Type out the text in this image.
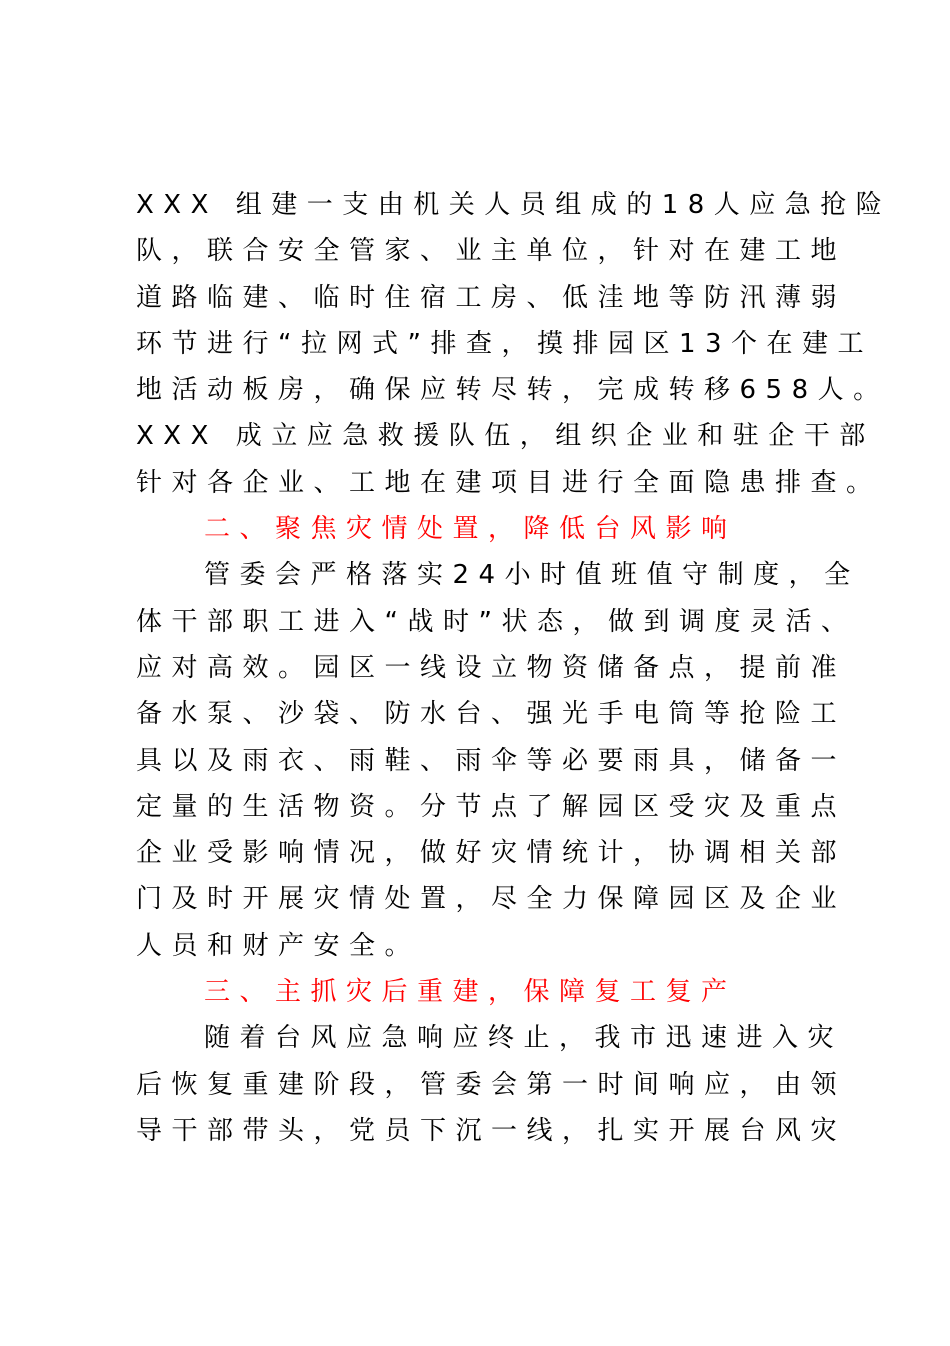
XXX 组建一支由机关人员组成的18人应急抢险
队，联合安全管家、业主单位，针对在建工地
道路临建、临时住宿工房、低洼地等防汛薄弱
环节进行“拉网式”排查，摸排园区13个在建工
地活动板房，确保应转尽转，完成转移658人。
XXX 成立应急救援队伍，组织企业和驻企干部
针对各企业、工地在建项目进行全面隐患排查。
二、聚焦灾情处置，降低台风影响
管委会严格落实24小时值班值守制度，全
体干部职工进入“战时”状态，做到调度灵活、
应对高效。园区一线设立物资储备点，提前准
备水泵、沙袋、防水台、强光手电筒等抢险工
具以及雨衣、雨鞋、雨伞等必要雨具，储备一
定量的生活物资。分节点了解园区受灾及重点
企业受影响情况，做好灾情统计，协调相关部
门及时开展灾情处置，尽全力保障园区及企业
人员和财产安全。
三、主抓灾后重建，保障复工复产
随着台风应急响应终止，我市迅速进入灾
后恢复重建阶段，管委会第一时间响应，由领
导干部带头，党员下沉一线，扎实开展台风灾
